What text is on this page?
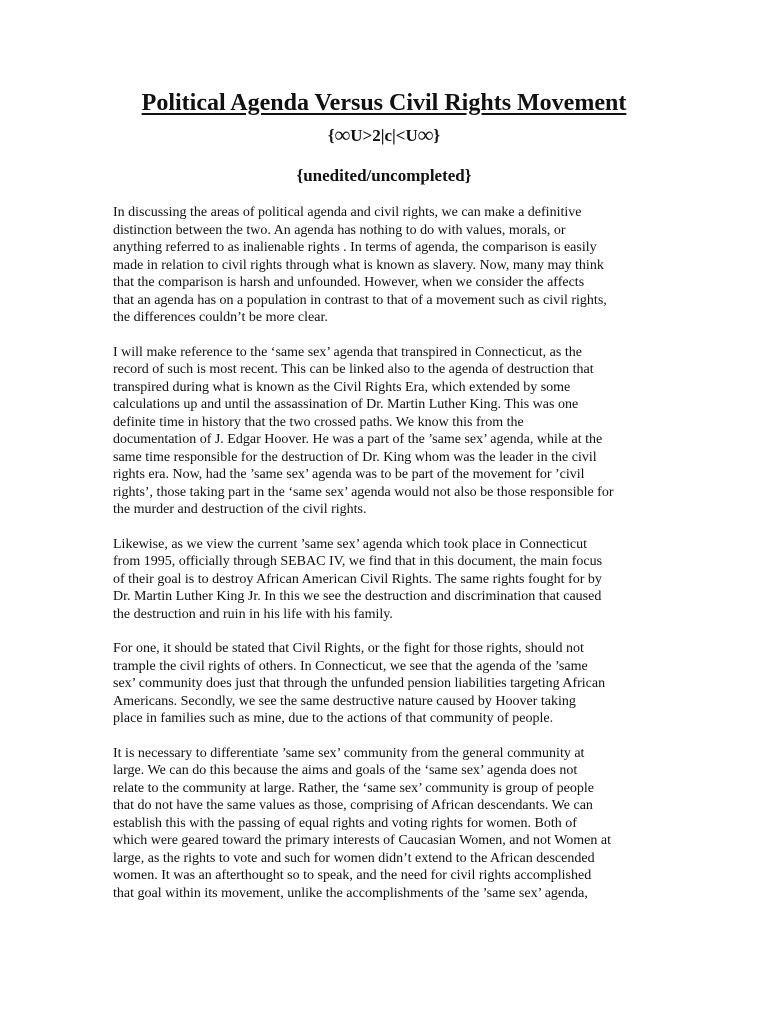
Political Agenda Versus Civil Rights Movement

{∞U>2|c|<U∞}

{unedited/uncompleted}

In discussing the areas of political agenda and civil rights, we can make a definitive
distinction between the two. An agenda has nothing to do with values, morals, or
anything referred to as inalienable rights . In terms of agenda, the comparison is easily
made in relation to civil rights through what is known as slavery. Now, many may think
that the comparison is harsh and unfounded. However, when we consider the affects
that an agenda has on a population in contrast to that of a movement such as civil rights,
the differences couldn’t be more clear.

I will make reference to the ‘same sex’ agenda that transpired in Connecticut, as the
record of such is most recent. This can be linked also to the agenda of destruction that
transpired during what is known as the Civil Rights Era, which extended by some
calculations up and until the assassination of Dr. Martin Luther King. This was one
definite time in history that the two crossed paths. We know this from the
documentation of J. Edgar Hoover. He was a part of the ’same sex’ agenda, while at the
same time responsible for the destruction of Dr. King whom was the leader in the civil
rights era. Now, had the ’same sex’ agenda was to be part of the movement for ’civil
rights’, those taking part in the ‘same sex’ agenda would not also be those responsible for
the murder and destruction of the civil rights.

Likewise, as we view the current ’same sex’ agenda which took place in Connecticut
from 1995, officially through SEBAC IV, we find that in this document, the main focus
of their goal is to destroy African American Civil Rights. The same rights fought for by
Dr. Martin Luther King Jr. In this we see the destruction and discrimination that caused
the destruction and ruin in his life with his family.

For one, it should be stated that Civil Rights, or the fight for those rights, should not
trample the civil rights of others. In Connecticut, we see that the agenda of the ’same
sex’ community does just that through the unfunded pension liabilities targeting African
Americans. Secondly, we see the same destructive nature caused by Hoover taking
place in families such as mine, due to the actions of that community of people.

It is necessary to differentiate ’same sex’ community from the general community at
large. We can do this because the aims and goals of the ‘same sex’ agenda does not
relate to the community at large. Rather, the ‘same sex’ community is group of people
that do not have the same values as those, comprising of African descendants. We can
establish this with the passing of equal rights and voting rights for women. Both of
which were geared toward the primary interests of Caucasian Women, and not Women at
large, as the rights to vote and such for women didn’t extend to the African descended
women. It was an afterthought so to speak, and the need for civil rights accomplished
that goal within its movement, unlike the accomplishments of the ’same sex’ agenda,
